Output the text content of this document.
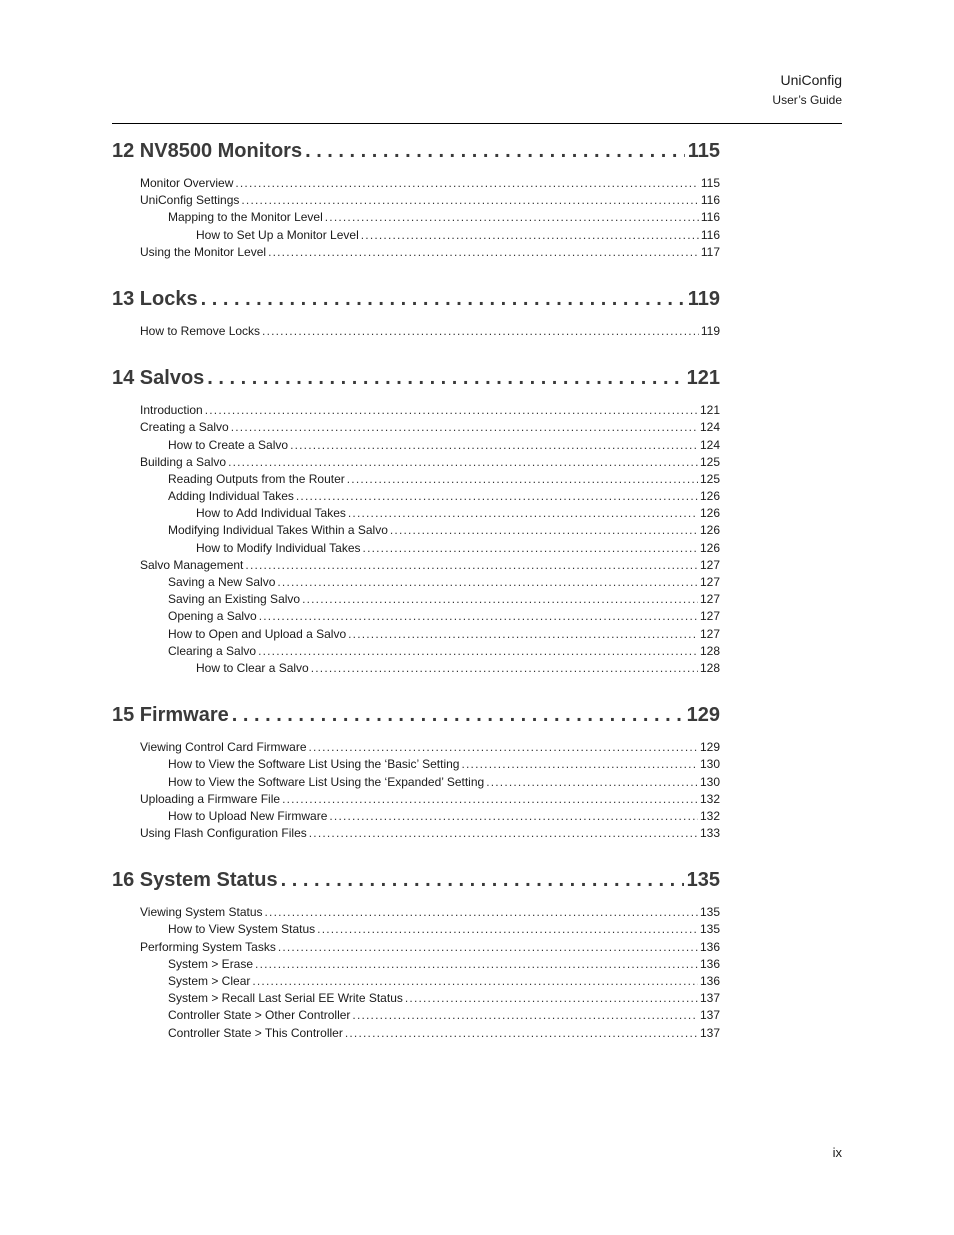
UniConfig
User’s Guide
12 NV8500 Monitors . . .	115
Monitor Overview .....	115
UniConfig Settings .....	116
Mapping to the Monitor Level .....	116
How to Set Up a Monitor Level .....	116
Using the Monitor Level .....	117
13 Locks . . .	119
How to Remove Locks .....	119
14 Salvos . . .	121
Introduction .....	121
Creating a Salvo .....	124
How to Create a Salvo .....	124
Building a Salvo .....	125
Reading Outputs from the Router .....	125
Adding Individual Takes .....	126
How to Add Individual Takes .....	126
Modifying Individual Takes Within a Salvo .....	126
How to Modify Individual Takes .....	126
Salvo Management .....	127
Saving a New Salvo .....	127
Saving an Existing Salvo .....	127
Opening a Salvo .....	127
How to Open and Upload a Salvo .....	127
Clearing a Salvo .....	128
How to Clear a Salvo .....	128
15 Firmware . . .	129
Viewing Control Card Firmware .....	129
How to View the Software List Using the ‘Basic’ Setting .....	130
How to View the Software List Using the ‘Expanded’ Setting .....	130
Uploading a Firmware File .....	132
How to Upload New Firmware .....	132
Using Flash Configuration Files .....	133
16 System Status . . .	135
Viewing System Status .....	135
How to View System Status .....	135
Performing System Tasks .....	136
System > Erase .....	136
System > Clear .....	136
System > Recall Last Serial EE Write Status .....	137
Controller State > Other Controller .....	137
Controller State > This Controller .....	137
ix
